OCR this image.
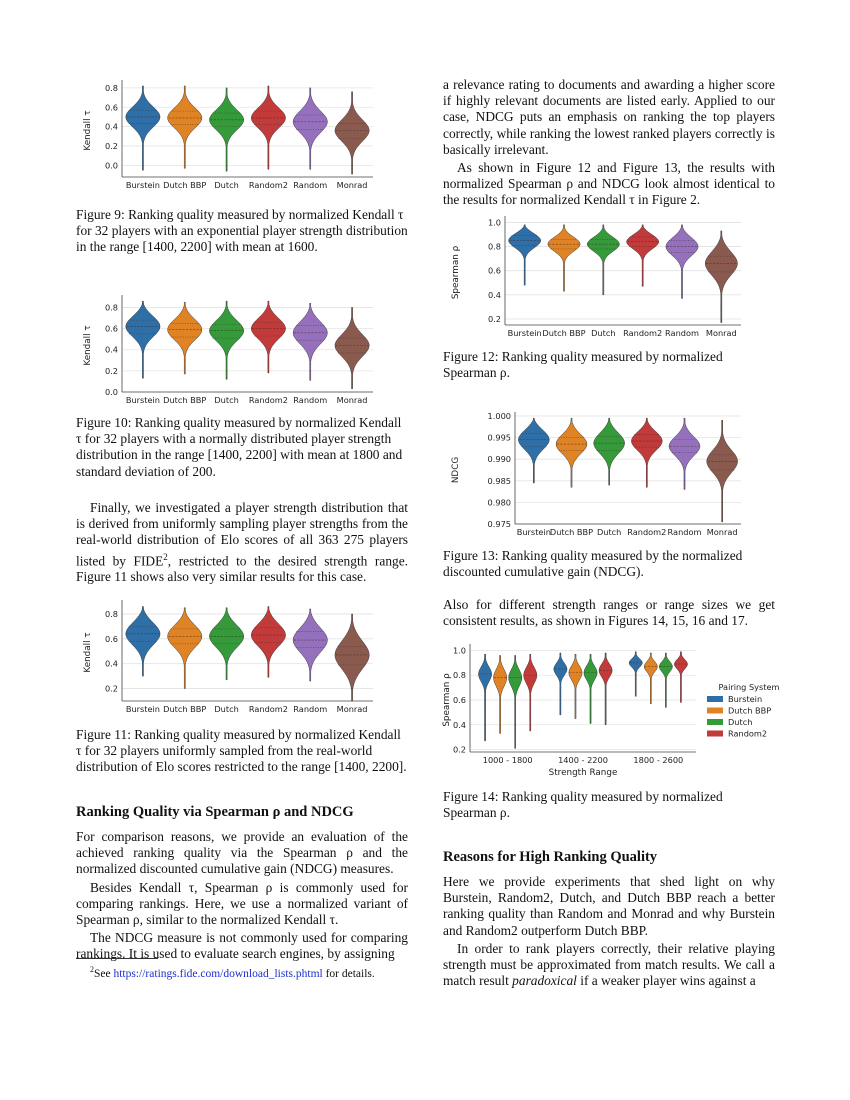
0.0
0.2
0.4
0.6
0.8
Kendall τ
Burstein Dutch BBP Dutch Random2 Random Monrad

Figure 9: Ranking quality measured by normalized Kendall τ for 32 players with an exponential player strength distribution in the range [1400, 2200] with mean at 1600.

0.0
0.2
0.4
0.6
0.8
Kendall τ
Burstein Dutch BBP Dutch Random2 Random Monrad

Figure 10: Ranking quality measured by normalized Kendall τ for 32 players with a normally distributed player strength distribution in the range [1400, 2200] with mean at 1800 and standard deviation of 200.

Finally, we investigated a player strength distribution that is derived from uniformly sampling player strengths from the real-world distribution of Elo scores of all 363 275 players listed by FIDE$^2$, restricted to the desired strength range. Figure 11 shows also very similar results for this case.

0.2
0.4
0.6
0.8
Kendall τ
Burstein Dutch BBP Dutch Random2 Random Monrad

Figure 11: Ranking quality measured by normalized Kendall τ for 32 players uniformly sampled from the real-world distribution of Elo scores restricted to the range [1400, 2200].

Ranking Quality via Spearman ρ and NDCG

For comparison reasons, we provide an evaluation of the achieved ranking quality via the Spearman ρ and the normalized discounted cumulative gain (NDCG) measures.

Besides Kendall τ, Spearman ρ is commonly used for comparing rankings. Here, we use a normalized variant of Spearman ρ, similar to the normalized Kendall τ.

The NDCG measure is not commonly used for comparing rankings. It is used to evaluate search engines, by assigning

$^2$See https://ratings.fide.com/download_lists.phtml for details.

a relevance rating to documents and awarding a higher score if highly relevant documents are listed early. Applied to our case, NDCG puts an emphasis on ranking the top players correctly, while ranking the lowest ranked players correctly is basically irrelevant.

As shown in Figure 12 and Figure 13, the results with normalized Spearman ρ and NDCG look almost identical to the results for normalized Kendall τ in Figure 2.

0.2
0.4
0.6
0.8
1.0
Spearman ρ
Burstein Dutch BBP Dutch Random2 Random Monrad

Figure 12: Ranking quality measured by normalized Spearman ρ.

0.975
0.980
0.985
0.990
0.995
1.000
NDCG
Burstein Dutch BBP Dutch Random2 Random Monrad

Figure 13: Ranking quality measured by the normalized discounted cumulative gain (NDCG).

Also for different strength ranges or range sizes we get consistent results, as shown in Figures 14, 15, 16 and 17.

0.2
0.4
0.6
0.8
1.0
Spearman ρ
1000 - 1800	1400 - 2200	1800 - 2600
Strength Range
Pairing System
Burstein
Dutch BBP
Dutch
Random2

Figure 14: Ranking quality measured by normalized Spearman ρ.

Reasons for High Ranking Quality

Here we provide experiments that shed light on why Burstein, Random2, Dutch, and Dutch BBP reach a better ranking quality than Random and Monrad and why Burstein and Random2 outperform Dutch BBP.

In order to rank players correctly, their relative playing strength must be approximated from match results. We call a match result paradoxical if a weaker player wins against a
